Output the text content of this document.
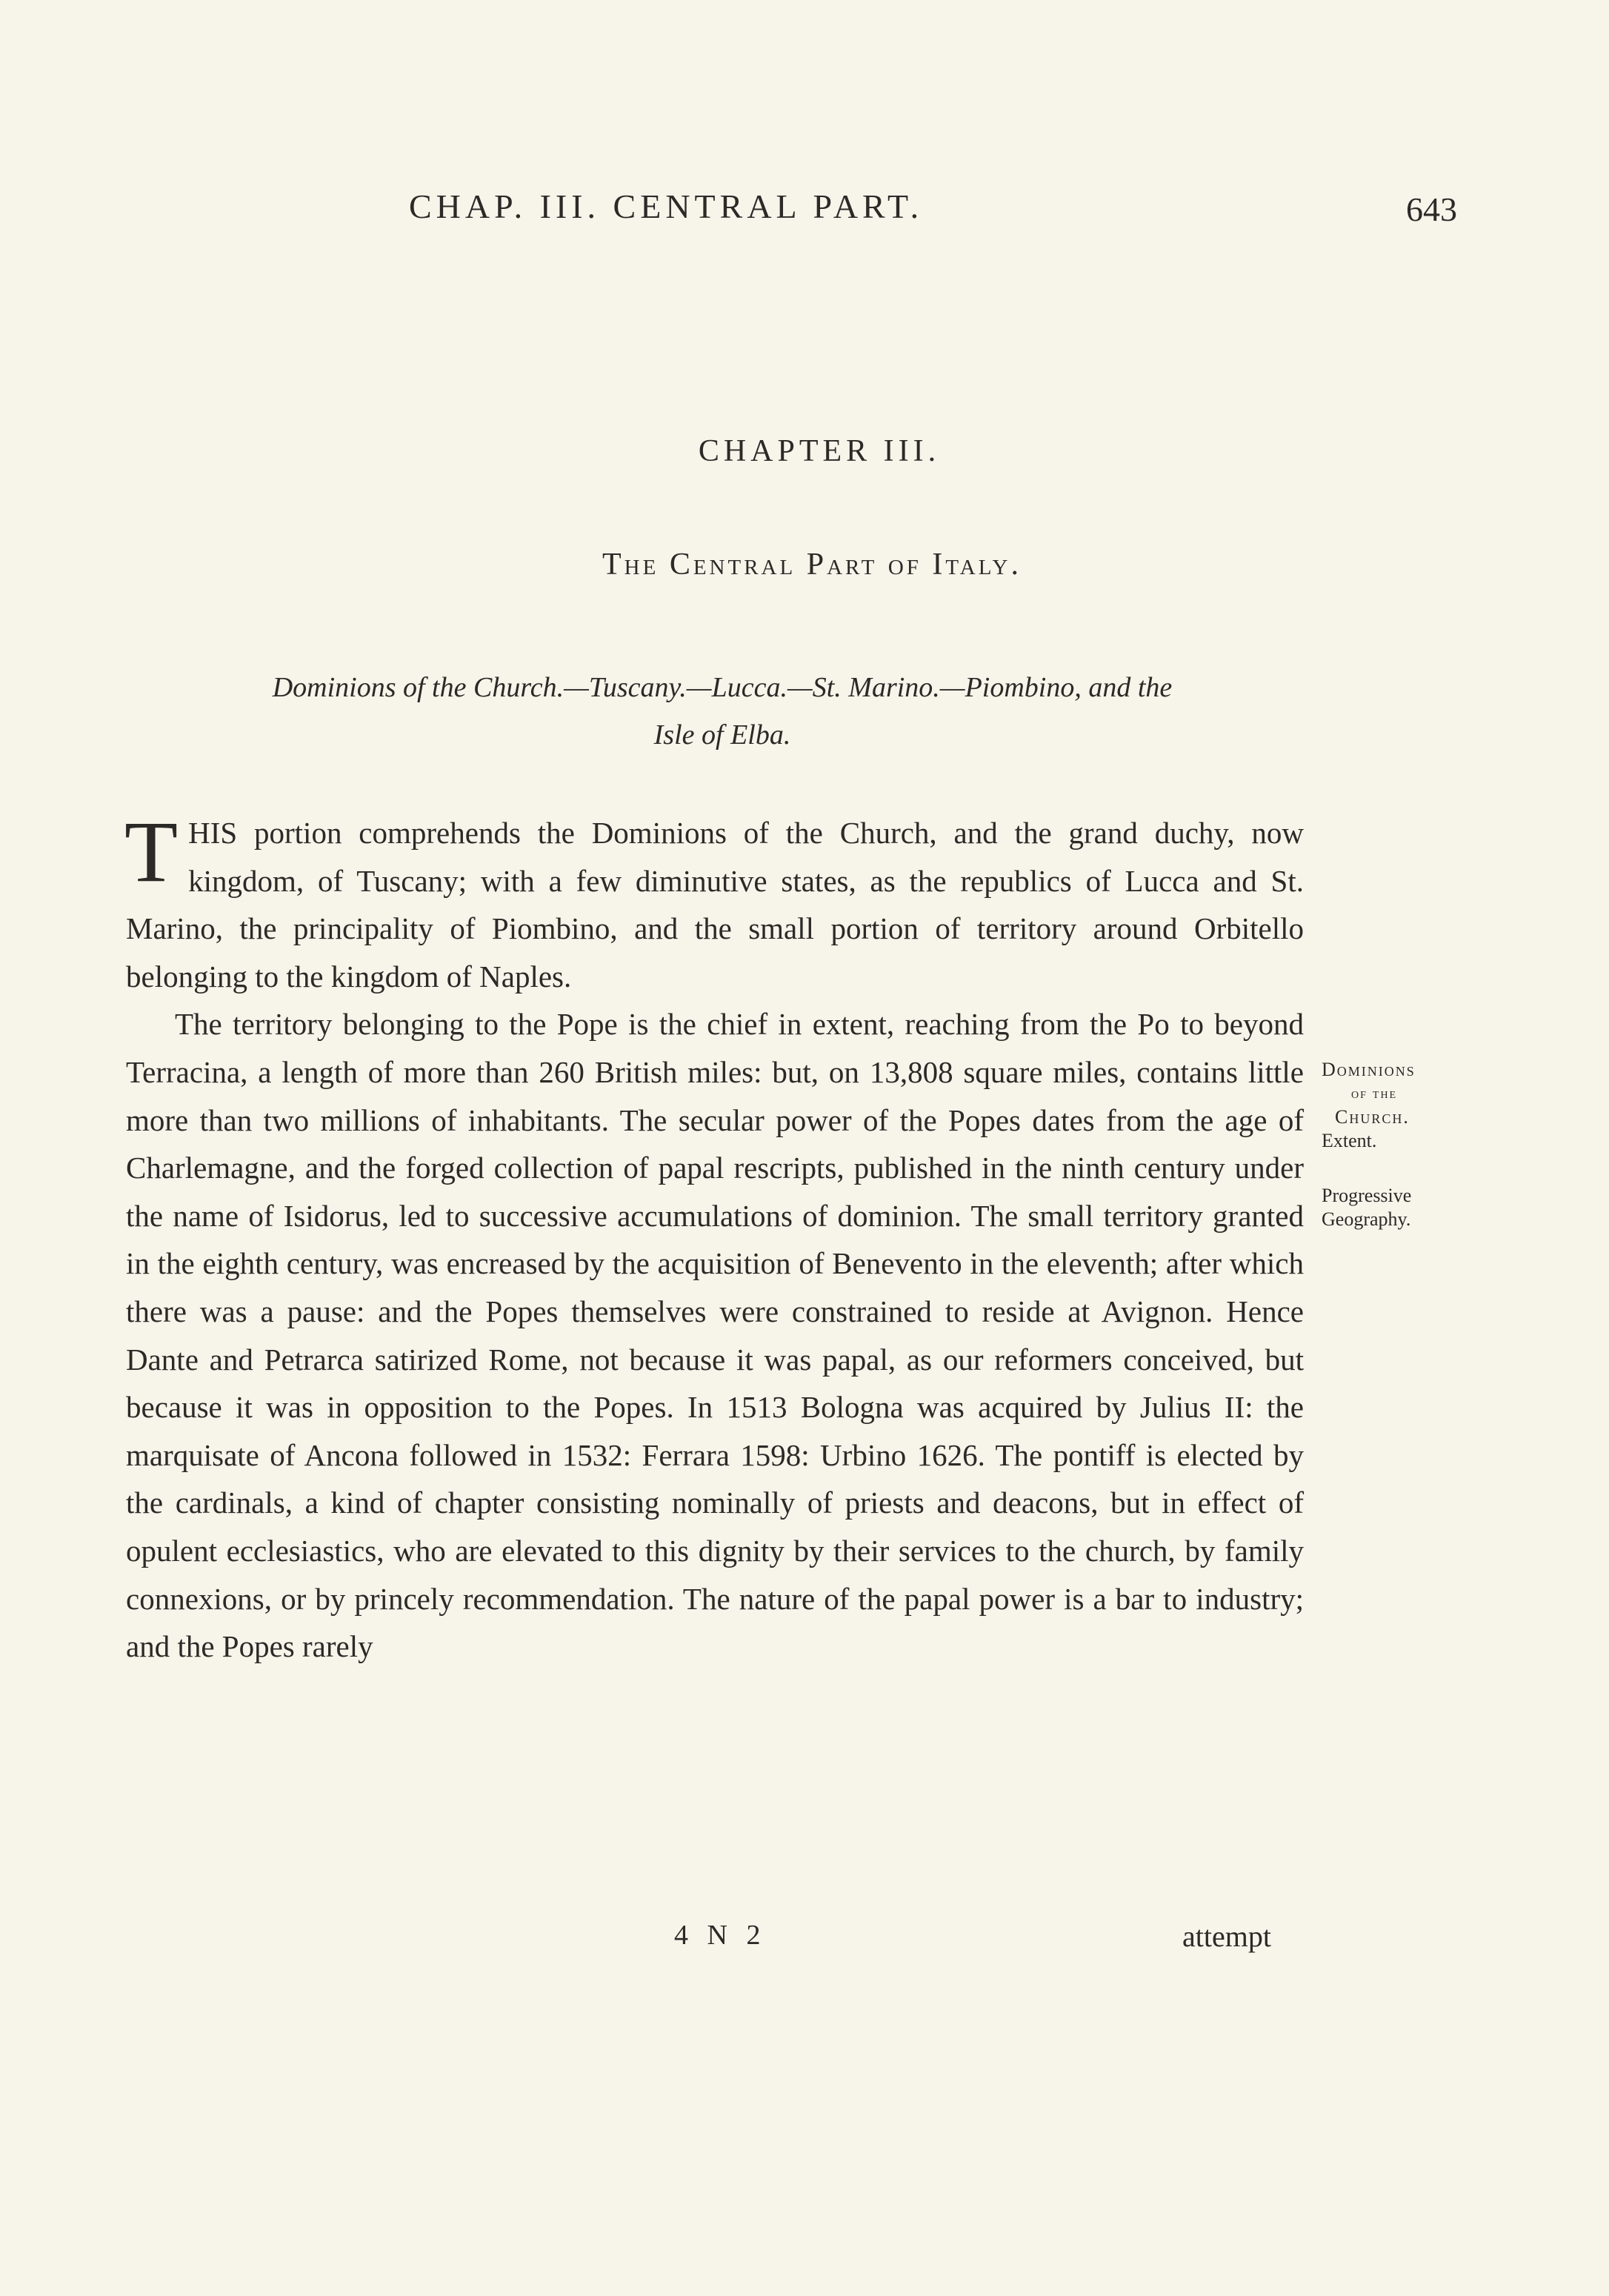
CHAP. III. CENTRAL PART.	643
CHAPTER III.
The Central Part of Italy.
Dominions of the Church.—Tuscany.—Lucca.—St. Marino.—Piombino, and the
Isle of Elba.

THIS portion comprehends the Dominions of the Church, and the grand duchy, now kingdom, of Tuscany; with a few diminutive states, as the republics of Lucca and St. Marino, the principality of Piombino, and the small portion of territory around Orbitello belonging to the kingdom of Naples.

The territory belonging to the Pope is the chief in extent, reaching from the Po to beyond Terracina, a length of more than 260 British miles: but, on 13,808 square miles, contains little more than two millions of inhabitants. The secular power of the Popes dates from the age of Charlemagne, and the forged collection of papal rescripts, published in the ninth century under the name of Isidorus, led to successive accumulations of dominion. The small territory granted in the eighth century, was encreased by the acquisition of Benevento in the eleventh; after which there was a pause: and the Popes themselves were constrained to reside at Avignon. Hence Dante and Petrarca satirized Rome, not because it was papal, as our reformers conceived, but because it was in opposition to the Popes. In 1513 Bologna was acquired by Julius II: the marquisate of Ancona followed in 1532: Ferrara 1598: Urbino 1626. The pontiff is elected by the cardinals, a kind of chapter consisting nominally of priests and deacons, but in effect of opulent ecclesiastics, who are elevated to this dignity by their services to the church, by family connexions, or by princely recommendation. The nature of the papal power is a bar to industry; and the Popes rarely

Dominions
of the
Church.
Extent.
Progressive
Geography.
4 N 2	attempt
